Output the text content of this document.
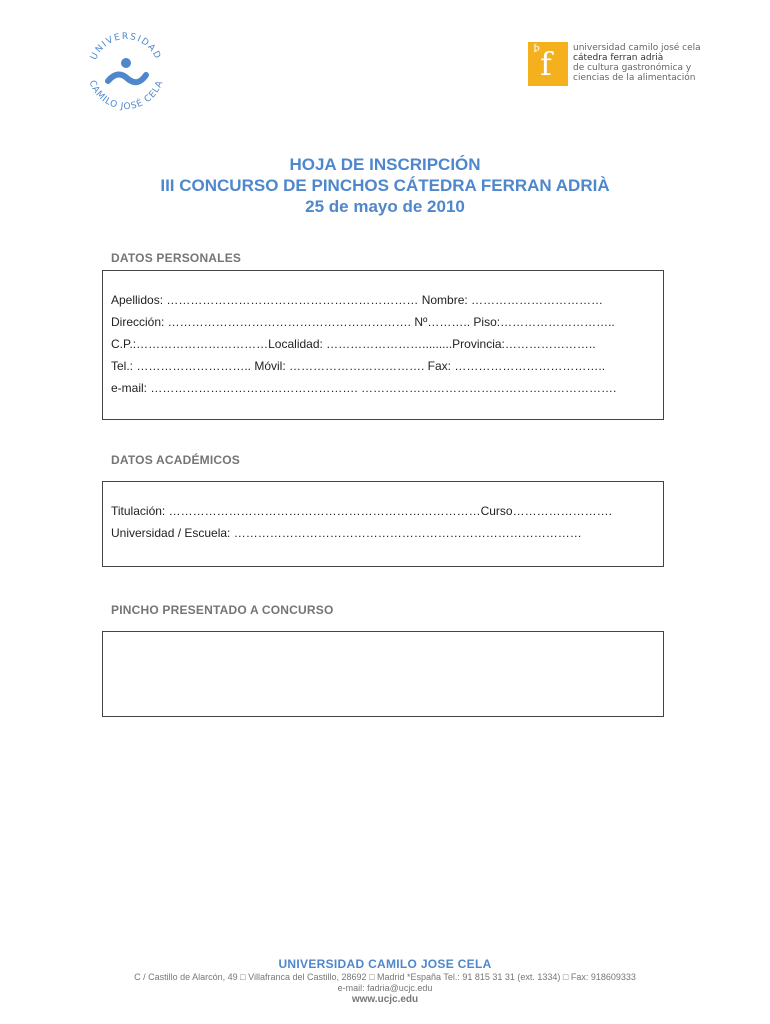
UNIVERSIDAD
CAMILO JOSÉ CELA
Þ f universidad camilo josé cela
cátedra ferran adrià
de cultura gastronómica y
ciencias de la alimentación
HOJA DE INSCRIPCIÓN
III CONCURSO DE PINCHOS CÁTEDRA FERRAN ADRIÀ
25 de mayo de 2010
DATOS PERSONALES
Apellidos: ……………………………………………………… Nombre: ……………………………
Dirección: ……………………………………………………. Nº……….. Piso:………………………..
C.P.:……………………………Localidad: …………………….........Provincia:…………………..
Tel.: ……………………….. Móvil: ……………………………. Fax: ………………………………..
e-mail: ……………………………………………. ……………………………………………………….
DATOS ACADÉMICOS
Titulación: ……………………………………………………………………Curso…………………….
Universidad / Escuela: ……………………………………………………………………………
PINCHO PRESENTADO A CONCURSO
UNIVERSIDAD CAMILO JOSE CELA
C / Castillo de Alarcón, 49 □ Villafranca del Castillo, 28692 □ Madrid *España Tel.: 91 815 31 31 (ext. 1334) □ Fax: 918609333
e-mail: fadria@ucjc.edu
www.ucjc.edu
